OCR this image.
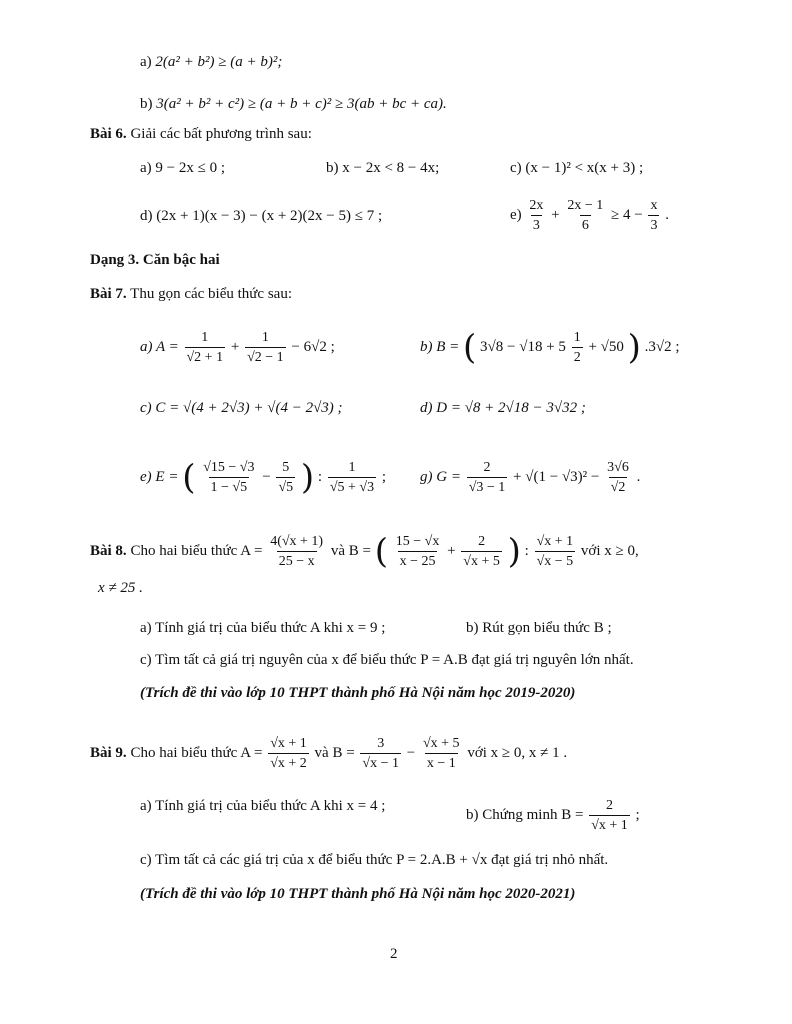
a) 2(a² + b²) ≥ (a + b)²;
b) 3(a² + b² + c²) ≥ (a + b + c)² ≥ 3(ab + bc + ca).
Bài 6. Giải các bất phương trình sau:
a) 9 − 2x ≤ 0 ;	b) x − 2x < 8 − 4x;	c) (x − 1)² < x(x + 3) ;
d) (2x + 1)(x − 3) − (x + 2)(2x − 5) ≤ 7 ;	$e) \frac{2x}{3} + \frac{2x - 1}{6} \ge 4 - \frac{x}{3}$ .
Dạng 3. Căn bậc hai
Bài 7. Thu gọn các biểu thức sau:
a) $A = \frac{1}{√2 + 1} + \frac{1}{√2 - 1} - 6√2$ ;	b) B = ( $3√8 - √18 + 5 \frac{1}{2} + √50$ ) .3√2 ;
c) C = √(4 + 2√3) + √(4 − 2√3) ;	d) D = √8 + 2√18 − 3√32 ;
e) E = ( $\frac{√15 - √3}{1 - √5} - \frac{5}{√5}$ ) : $\frac{1}{√5 + √3}$ ; g) $G = \frac{2}{√3 - 1} + √(1 - √3)^2 - \frac{3√6}{√2}$ .
Bài 8. Cho hai biểu thức $A = \frac{4(√x + 1)}{25 - x}$ và B = ( $\frac{15 - √x}{x - 25} + \frac{2}{√x + 5}$ ) : $\frac{√x + 1}{√x - 5}$ với x ≥ 0,
x ≠ 25 .
a) Tính giá trị của biểu thức A khi x = 9 ;	b) Rút gọn biểu thức B ;
c) Tìm tất cả giá trị nguyên của x để biểu thức P = A.B đạt giá trị nguyên lớn nhất.
(Trích đề thi vào lớp 10 THPT thành phố Hà Nội năm học 2019-2020)
Bài 9. Cho hai biểu thức $A = \frac{√x + 1}{√x + 2}$ và $B = \frac{3}{√x - 1} - \frac{√x + 5}{x - 1}$ với x ≥ 0, x ≠ 1 .
a) Tính giá trị của biểu thức A khi x = 4 ;
b) Chứng minh $B = \frac{2}{√x + 1}$ ;
c) Tìm tất cả các giá trị của x để biểu thức P = 2.A.B + √x đạt giá trị nhỏ nhất.
(Trích đề thi vào lớp 10 THPT thành phố Hà Nội năm học 2020-2021)
2
